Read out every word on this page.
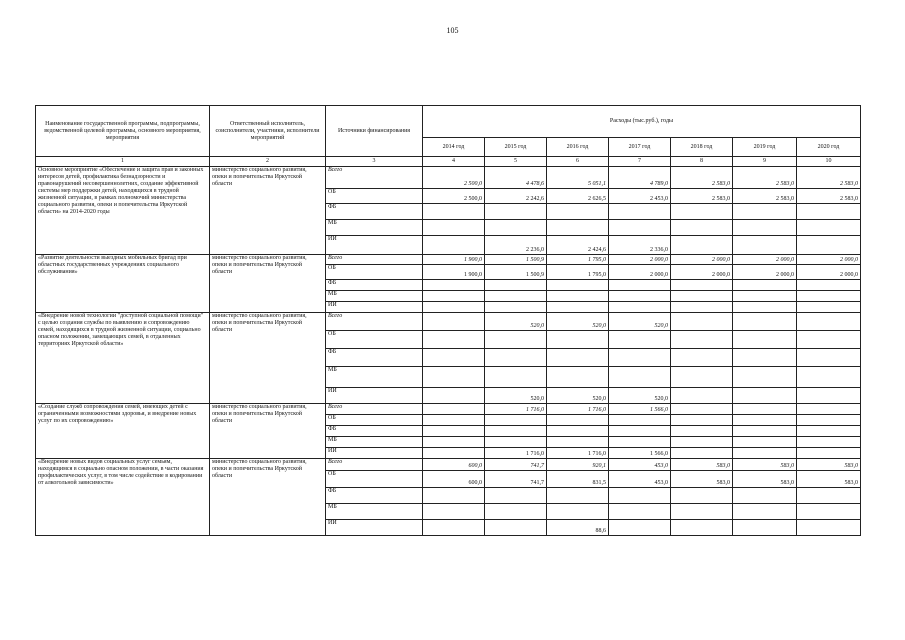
105
Наименование государственной программы, подпрограммы, ведомственной целевой программы, основного мероприятия, мероприятия	Ответственный исполнитель, соисполнители, участники, исполнители мероприятий	Источники финансирования	Расходы (тыс.руб.), годы						
			2014 год	2015 год	2016 год	2017 год	2018 год	2019 год	2020 год
1	2	3	4	5	6	7	8	9	10
Основное мероприятие «Обеспечение и защита прав и законных интересов детей, профилактика безнадзорности и правонарушений несовершеннолетних, создание эффективной системы мер поддержки детей, находящихся в трудной жизненной ситуации, в рамках полномочий министерства социального развития, опеки и попечительства Иркутской области» на 2014-2020 годы	министерство социального развития, опеки и попечительства Иркутской области	Всего	2 500,0	4 478,6	5 051,1	4 789,0	2 583,0	2 583,0	2 583,0
		ОБ	2 500,0	2 242,6	2 626,5	2 453,0	2 583,0	2 583,0	2 583,0
		ФБ							
		МБ							
		ИИ		2 236,0	2 424,6	2 336,0			
«Развитие деятельности выездных мобильных бригад при областных государственных учреждениях социального обслуживания»	министерство социального развития, опеки и попечительства Иркутской области	Всего	1 900,0	1 500,9	1 795,0	2 000,0	2 000,0	2 000,0	2 000,0
		ОБ	1 900,0	1 500,9	1 795,0	2 000,0	2 000,0	2 000,0	2 000,0
		ФБ							
		МБ							
		ИИ							
«Внедрение новой технологии "доступной социальной помощи" с целью создания службы по выявлению и сопровождению семей, находящихся в трудной жизненной ситуации, социально опасном положении, замещающих семей, в отдаленных территориях Иркутской области»	министерство социального развития, опеки и попечительства Иркутской области	Всего		520,0	520,0	520,0			
		ОБ							
		ФБ							
		МБ							
		ИИ		520,0	520,0	520,0			
«Создание служб сопровождения семей, имеющих детей с ограниченными возможностями здоровья, и внедрение новых услуг по их сопровождению»	министерство социального развития, опеки и попечительства Иркутской области	Всего		1 716,0	1 716,0	1 566,0			
		ОБ							
		ФБ							
		МБ							
		ИИ		1 716,0	1 716,0	1 566,0			
«Внедрение новых видов социальных услуг семьям, находящимся в социально опасном положении, в части оказания профилактических услуг, в том числе содействие в кодировании от алкогольной зависимости»	министерство социального развития, опеки и попечительства Иркутской области	Всего	600,0	741,7	920,1	453,0	583,0	583,0	583,0
		ОБ	600,0	741,7	831,5	453,0	583,0	583,0	583,0
		ФБ							
		МБ							
		ИИ			88,6				
